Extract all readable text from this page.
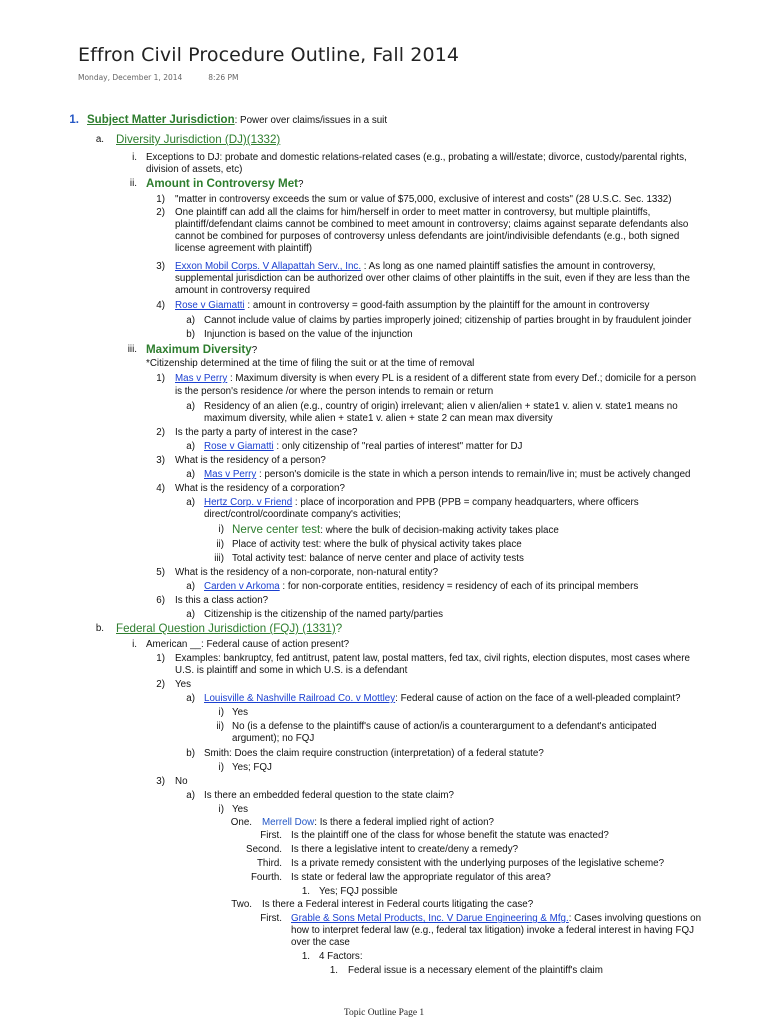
Effron Civil Procedure Outline, Fall 2014
Monday, December 1, 2014	8:26 PM
1. Subject Matter Jurisdiction: Power over claims/issues in a suit
a. Diversity Jurisdiction (DJ)(1332)
i. Exceptions to DJ: probate and domestic relations-related cases (e.g., probating a will/estate; divorce, custody/parental rights,
division of assets, etc)
ii. Amount in Controversy Met?
1) "matter in controversy exceeds the sum or value of $75,000, exclusive of interest and costs" (28 U.S.C. Sec. 1332)
2) One plaintiff can add all the claims for him/herself in order to meet matter in controversy, but multiple plaintiffs,
plaintiff/defendant claims cannot be combined to meet amount in controversy; claims against separate defendants also
cannot be combined for purposes of controversy unless defendants are joint/indivisible defendants (e.g., both signed
license agreement with plaintiff)
3) Exxon Mobil Corps. V Allapattah Serv., Inc. : As long as one named plaintiff satisfies the amount in controversy,
supplemental jurisdiction can be authorized over other claims of other plaintiffs in the suit, even if they are less than the
amount in controversy required
4) Rose v Giamatti : amount in controversy = good-faith assumption by the plaintiff for the amount in controversy
a) Cannot include value of claims by parties improperly joined; citizenship of parties brought in by fraudulent joinder
b) Injunction is based on the value of the injunction
iii. Maximum Diversity?
*Citizenship determined at the time of filing the suit or at the time of removal
1) Mas v Perry : Maximum diversity is when every PL is a resident of a different state from every Def.; domicile for a person
is the person's residence /or where the person intends to remain or return
a) Residency of an alien (e.g., country of origin) irrelevant; alien v alien/alien + state1 v. alien v. state1 means no
maximum diversity, while alien + state1 v. alien + state 2 can mean max diversity
2) Is the party a party of interest in the case?
a) Rose v Giamatti : only citizenship of "real parties of interest" matter for DJ
3) What is the residency of a person?
a) Mas v Perry : person's domicile is the state in which a person intends to remain/live in; must be actively changed
4) What is the residency of a corporation?
a) Hertz Corp. v Friend : place of incorporation and PPB (PPB = company headquarters, where officers
direct/control/coordinate company's activities;
i) Nerve center test: where the bulk of decision-making activity takes place
ii) Place of activity test: where the bulk of physical activity takes place
iii) Total activity test: balance of nerve center and place of activity tests
5) What is the residency of a non-corporate, non-natural entity?
a) Carden v Arkoma : for non-corporate entities, residency = residency of each of its principal members
6) Is this a class action?
a) Citizenship is the citizenship of the named party/parties
b. Federal Question Jurisdiction (FQJ) (1331)?
i. American __: Federal cause of action present?
1) Examples: bankruptcy, fed antitrust, patent law, postal matters, fed tax, civil rights, election disputes, most cases where
U.S. is plaintiff and some in which U.S. is a defendant
2) Yes
a) Louisville & Nashville Railroad Co. v Mottley: Federal cause of action on the face of a well-pleaded complaint?
i) Yes
ii) No (is a defense to the plaintiff's cause of action/is a counterargument to a defendant's anticipated
argument); no FQJ
b) Smith: Does the claim require construction (interpretation) of a federal statute?
i) Yes; FQJ
3) No
a) Is there an embedded federal question to the state claim?
i) Yes
One. Merrell Dow: Is there a federal implied right of action?
First. Is the plaintiff one of the class for whose benefit the statute was enacted?
Second. Is there a legislative intent to create/deny a remedy?
Third. Is a private remedy consistent with the underlying purposes of the legislative scheme?
Fourth. Is state or federal law the appropriate regulator of this area?
1. Yes; FQJ possible
Two. Is there a Federal interest in Federal courts litigating the case?
First. Grable & Sons Metal Products, Inc. V Darue Engineering & Mfg.: Cases involving questions on
how to interpret federal law (e.g., federal tax litigation) invoke a federal interest in having FQJ
over the case
1. 4 Factors:
1. Federal issue is a necessary element of the plaintiff's claim
Topic Outline Page 1
